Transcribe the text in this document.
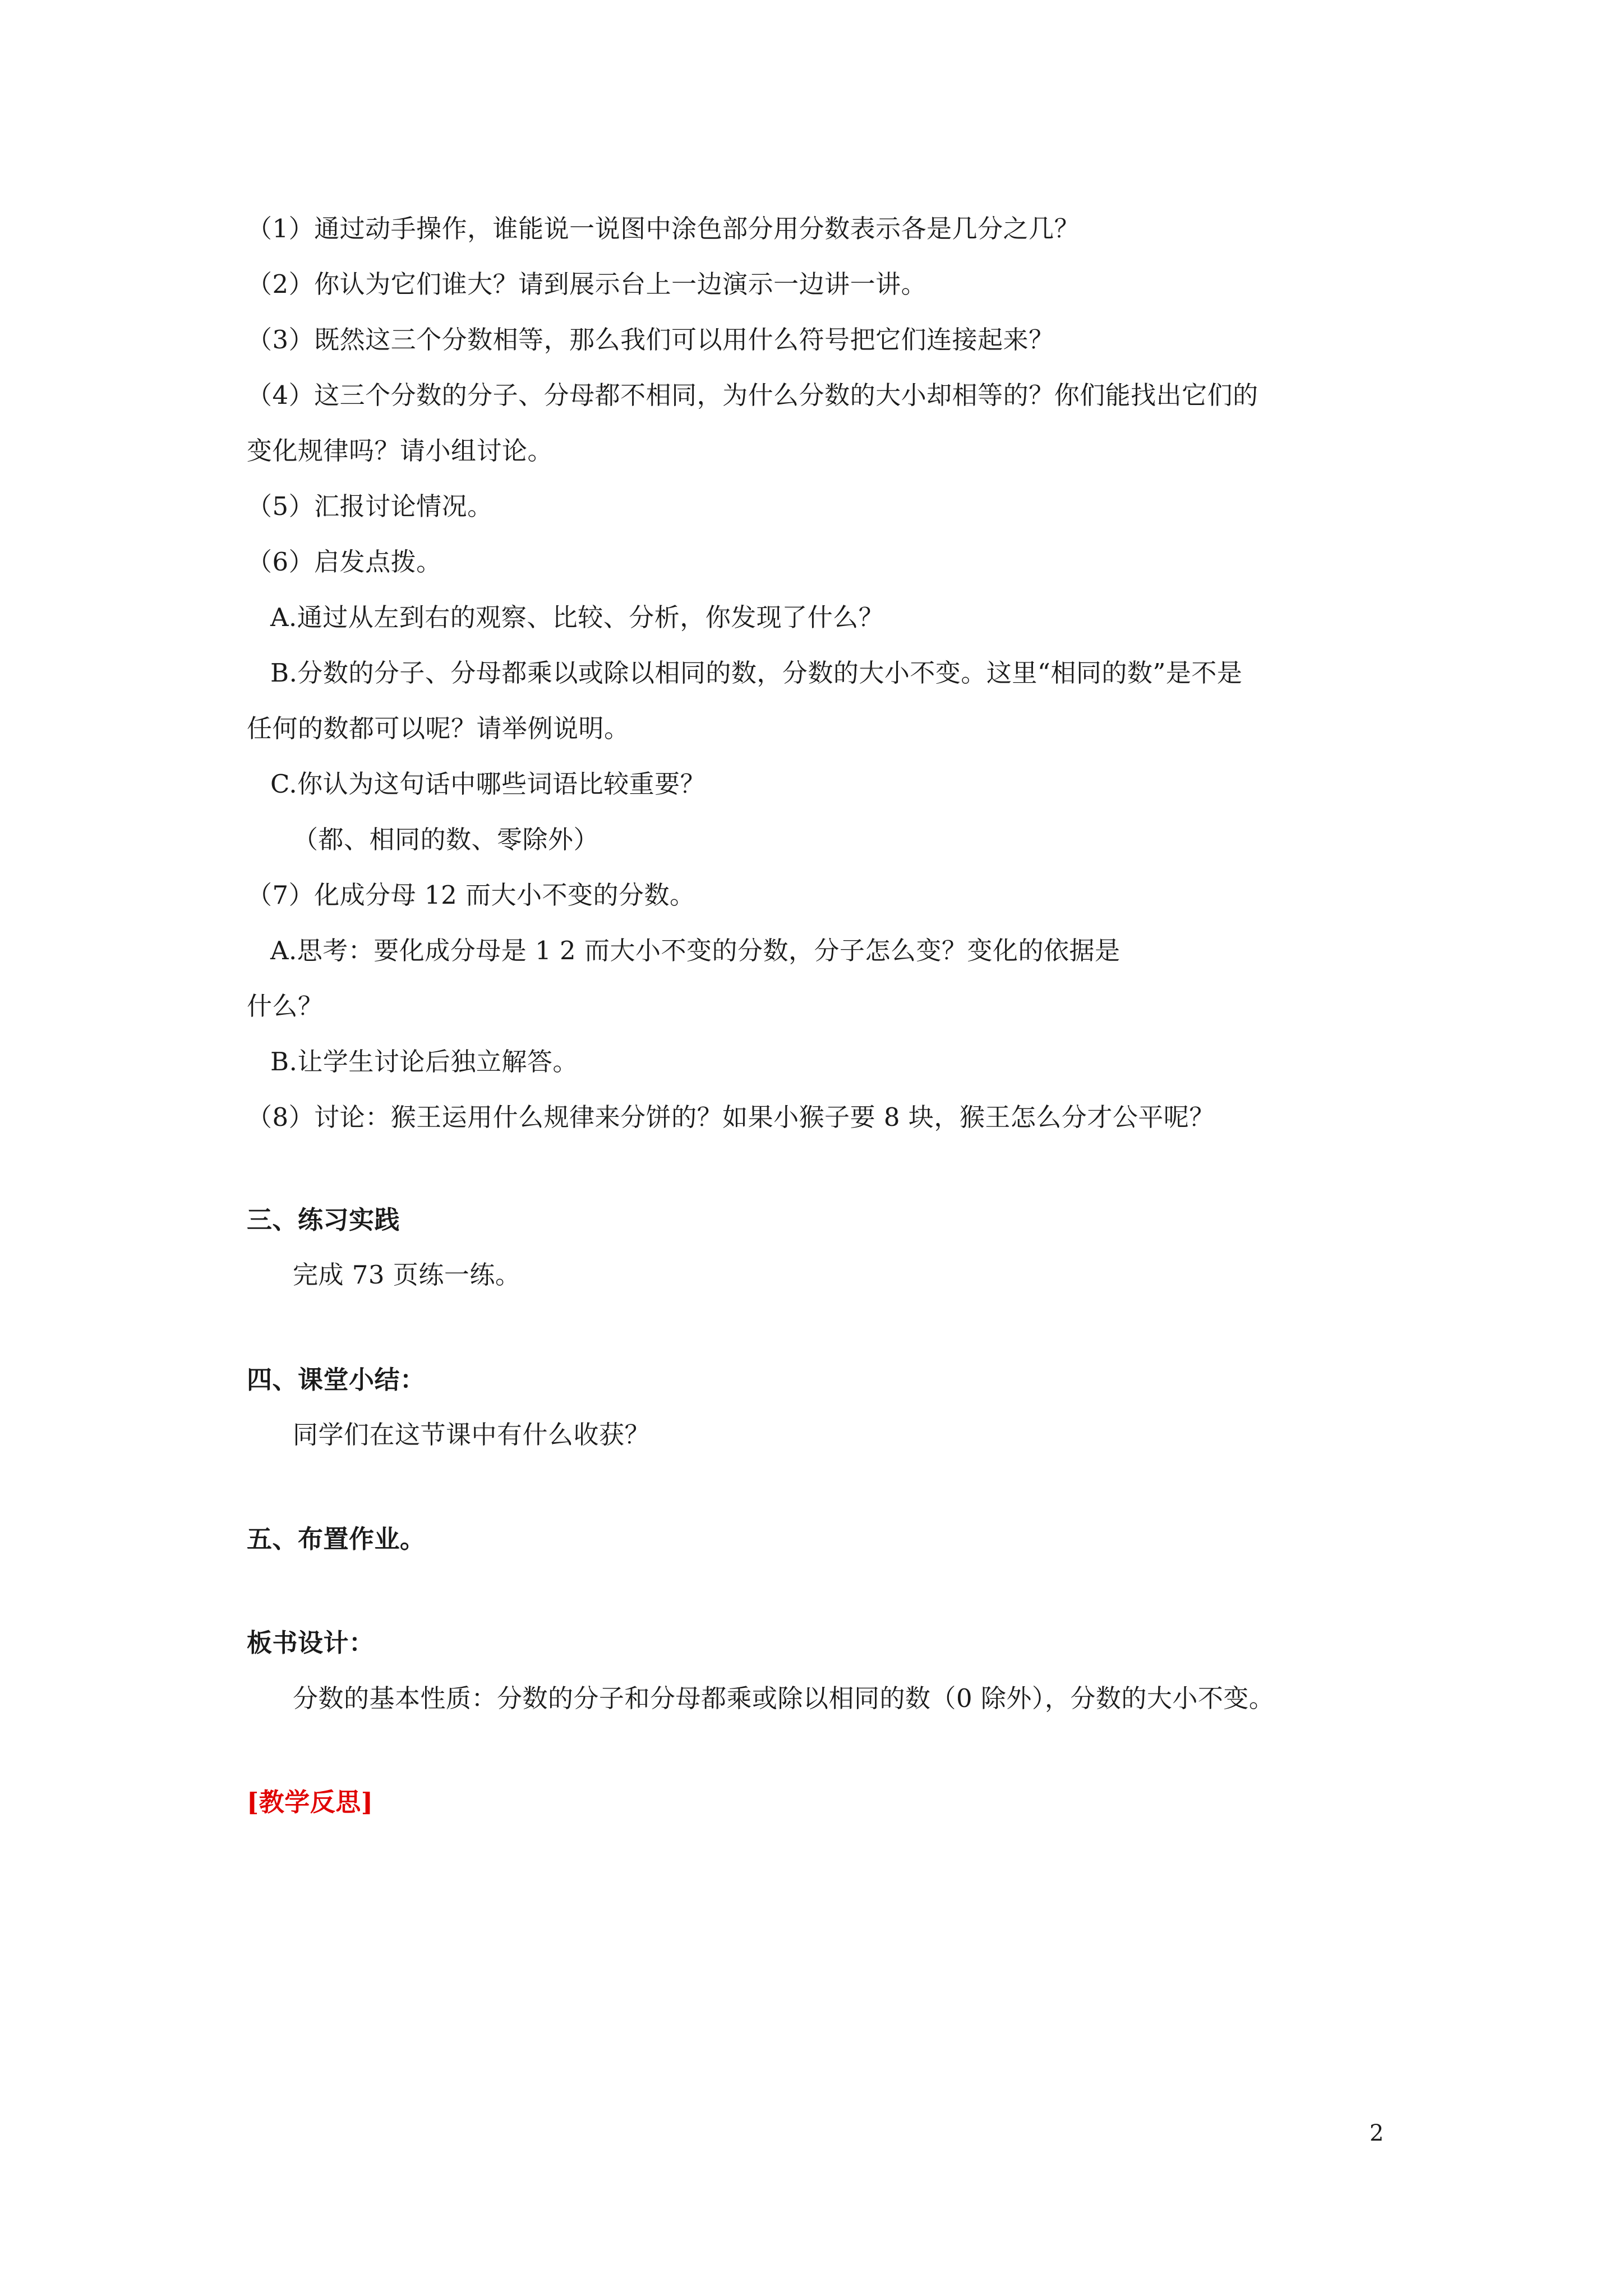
（1）通过动手操作，谁能说一说图中涂色部分用分数表示各是几分之几？
（2）你认为它们谁大？请到展示台上一边演示一边讲一讲。
（3）既然这三个分数相等，那么我们可以用什么符号把它们连接起来？
（4）这三个分数的分子、分母都不相同，为什么分数的大小却相等的？你们能找出它们的
变化规律吗？请小组讨论。
（5）汇报讨论情况。
（6）启发点拨。
A.通过从左到右的观察、比较、分析，你发现了什么？
B.分数的分子、分母都乘以或除以相同的数，分数的大小不变。这里“相同的数”是不是
任何的数都可以呢？请举例说明。
C.你认为这句话中哪些词语比较重要？
（都、相同的数、零除外）
（7）化成分母 12 而大小不变的分数。
A.思考：要化成分母是 1 2 而大小不变的分数，分子怎么变？变化的依据是
什么？
B.让学生讨论后独立解答。
（8）讨论：猴王运用什么规律来分饼的？如果小猴子要 8 块，猴王怎么分才公平呢？
三、练习实践
完成 73 页练一练。
四、课堂小结：
同学们在这节课中有什么收获？
五、布置作业。
板书设计：
分数的基本性质：分数的分子和分母都乘或除以相同的数（0 除外），分数的大小不变。
[教学反思]
2
